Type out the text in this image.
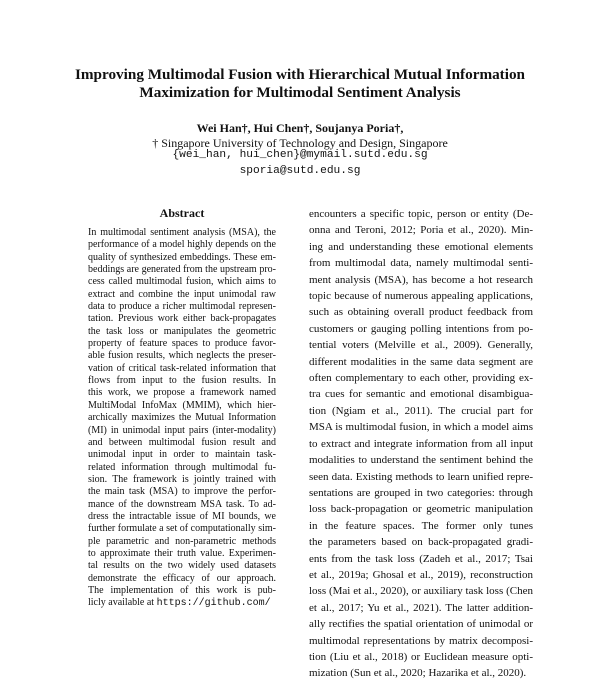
Improving Multimodal Fusion with Hierarchical Mutual Information
Maximization for Multimodal Sentiment Analysis
Wei Han†, Hui Chen†, Soujanya Poria†,
† Singapore University of Technology and Design, Singapore
{wei_han, hui_chen}@mymail.sutd.edu.sg
sporia@sutd.edu.sg
Abstract
In multimodal sentiment analysis (MSA), the
performance of a model highly depends on the
quality of synthesized embeddings. These em-
beddings are generated from the upstream pro-
cess called multimodal fusion, which aims to
extract and combine the input unimodal raw
data to produce a richer multimodal represen-
tation. Previous work either back-propagates
the task loss or manipulates the geometric
property of feature spaces to produce favor-
able fusion results, which neglects the preser-
vation of critical task-related information that
flows from input to the fusion results. In
this work, we propose a framework named
MultiModal InfoMax (MMIM), which hier-
archically maximizes the Mutual Information
(MI) in unimodal input pairs (inter-modality)
and between multimodal fusion result and
unimodal input in order to maintain task-
related information through multimodal fu-
sion. The framework is jointly trained with
the main task (MSA) to improve the perfor-
mance of the downstream MSA task. To ad-
dress the intractable issue of MI bounds, we
further formulate a set of computationally sim-
ple parametric and non-parametric methods
to approximate their truth value. Experimen-
tal results on the two widely used datasets
demonstrate the efficacy of our approach.
The implementation of this work is pub-
licly available at https://github.com/
encounters a specific topic, person or entity (De-
onna and Teroni, 2012; Poria et al., 2020). Min-
ing and understanding these emotional elements
from multimodal data, namely multimodal senti-
ment analysis (MSA), has become a hot research
topic because of numerous appealing applications,
such as obtaining overall product feedback from
customers or gauging polling intentions from po-
tential voters (Melville et al., 2009). Generally,
different modalities in the same data segment are
often complementary to each other, providing ex-
tra cues for semantic and emotional disambigua-
tion (Ngiam et al., 2011). The crucial part for
MSA is multimodal fusion, in which a model aims
to extract and integrate information from all input
modalities to understand the sentiment behind the
seen data. Existing methods to learn unified repre-
sentations are grouped in two categories: through
loss back-propagation or geometric manipulation
in the feature spaces. The former only tunes
the parameters based on back-propagated gradi-
ents from the task loss (Zadeh et al., 2017; Tsai
et al., 2019a; Ghosal et al., 2019), reconstruction
loss (Mai et al., 2020), or auxiliary task loss (Chen
et al., 2017; Yu et al., 2021). The latter addition-
ally rectifies the spatial orientation of unimodal or
multimodal representations by matrix decomposi-
tion (Liu et al., 2018) or Euclidean measure opti-
mization (Sun et al., 2020; Hazarika et al., 2020).
